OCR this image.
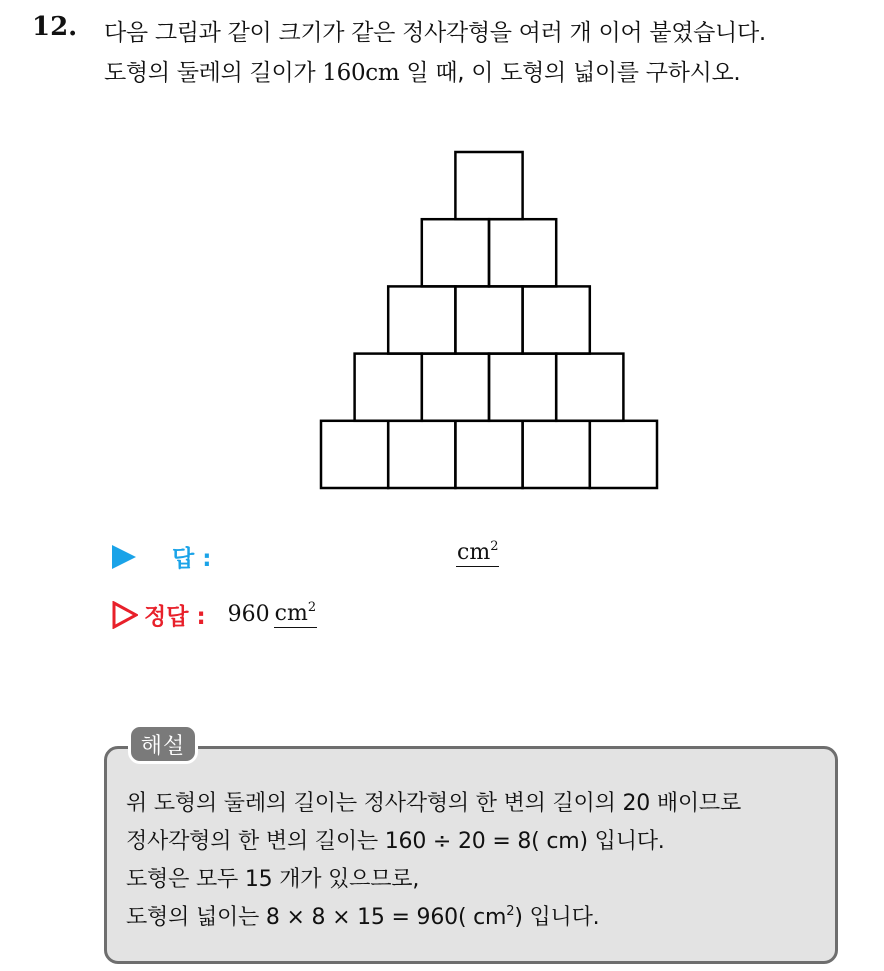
12. 다음 그림과 같이 크기가 같은 정사각형을 여러 개 이어 붙였습니다.
도형의 둘레의 길이가 160cm 일 때, 이 도형의 넓이를 구하시오.
답 :	$cm^2$
정답 : 960 $cm^2$
해설
위 도형의 둘레의 길이는 정사각형의 한 변의 길이의 20 배이므로
정사각형의 한 변의 길이는 160 ÷ 20 = 8( cm) 입니다.
도형은 모두 15 개가 있으므로,
도형의 넓이는 8 × 8 × 15 = 960( $cm^2$) 입니다.
